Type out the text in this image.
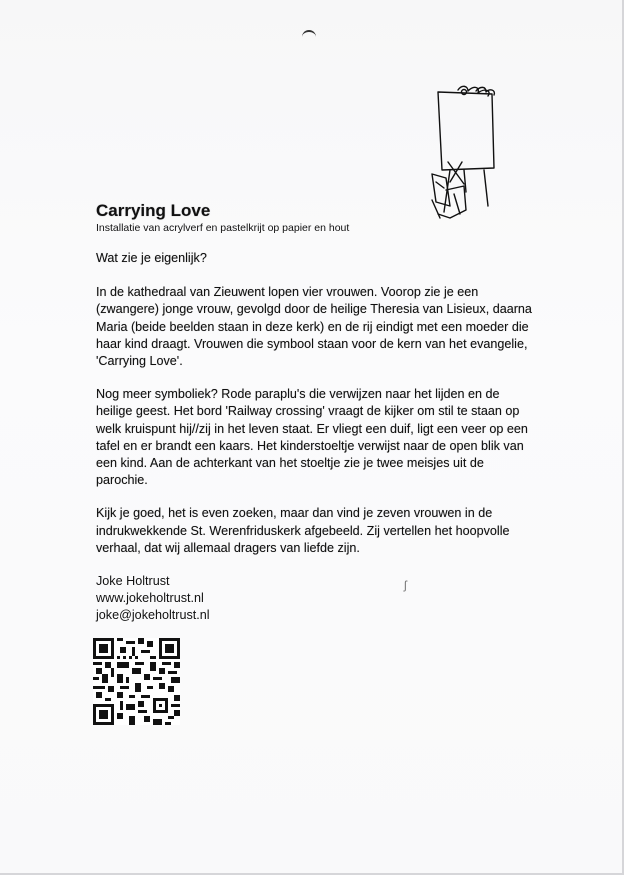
Carrying Love
Installatie van acrylverf en pastelkrijt op papier en hout

Wat zie je eigenlijk?

In de kathedraal van Zieuwent lopen vier vrouwen. Voorop zie je een (zwangere) jonge vrouw, gevolgd door de heilige Theresia van Lisieux, daarna Maria (beide beelden staan in deze kerk) en de rij eindigt met een moeder die haar kind draagt. Vrouwen die symbool staan voor de kern van het evangelie, 'Carrying Love'.

Nog meer symboliek? Rode paraplu's die verwijzen naar het lijden en de heilige geest. Het bord 'Railway crossing' vraagt de kijker om stil te staan op welk kruispunt hij//zij in het leven staat. Er vliegt een duif, ligt een veer op een tafel en er brandt een kaars. Het kinderstoeltje verwijst naar de open blik van een kind. Aan de achterkant van het stoeltje zie je twee meisjes uit de parochie.

Kijk je goed, het is even zoeken, maar dan vind je zeven vrouwen in de indrukwekkende St. Werenfriduskerk afgebeeld. Zij vertellen het hoopvolle verhaal, dat wij allemaal dragers van liefde zijn.

Joke Holtrust
www.jokeholtrust.nl
joke@jokeholtrust.nl
ʃ
